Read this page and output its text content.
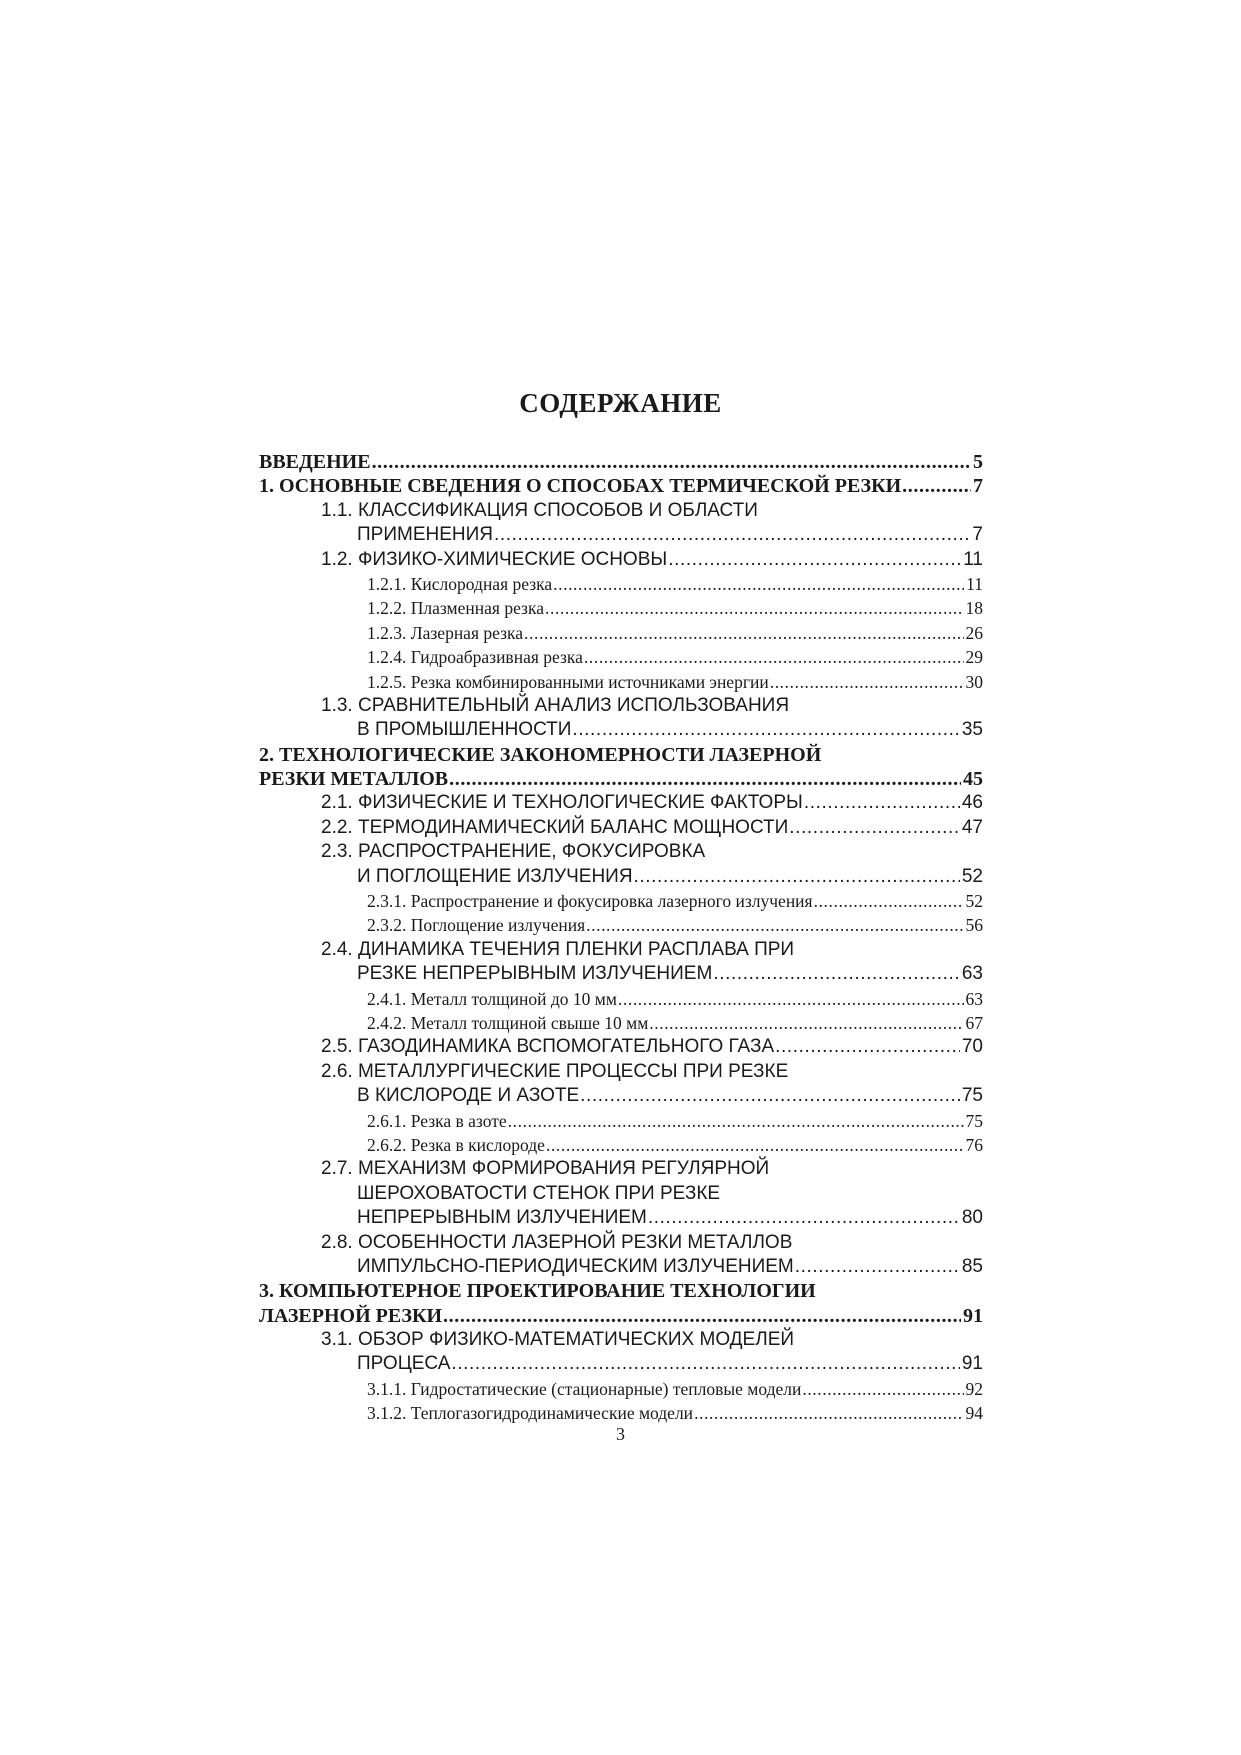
СОДЕРЖАНИЕ
ВВЕДЕНИЕ .....	5
1. ОСНОВНЫЕ СВЕДЕНИЯ О СПОСОБАХ ТЕРМИЧЕСКОЙ РЕЗКИ .....	7
1.1. КЛАССИФИКАЦИЯ СПОСОБОВ И ОБЛАСТИ
ПРИМЕНЕНИЯ .....	7
1.2. ФИЗИКО-ХИМИЧЕСКИЕ ОСНОВЫ .....	11
1.2.1. Кислородная резка .....	11
1.2.2. Плазменная резка .....	18
1.2.3. Лазерная резка .....	26
1.2.4. Гидроабразивная резка .....	29
1.2.5. Резка комбинированными источниками энергии .....	30
1.3. СРАВНИТЕЛЬНЫЙ АНАЛИЗ ИСПОЛЬЗОВАНИЯ
В ПРОМЫШЛЕННОСТИ .....	35
2. ТЕХНОЛОГИЧЕСКИЕ ЗАКОНОМЕРНОСТИ ЛАЗЕРНОЙ
РЕЗКИ МЕТАЛЛОВ .....	45
2.1. ФИЗИЧЕСКИЕ И ТЕХНОЛОГИЧЕСКИЕ ФАКТОРЫ .....	46
2.2. ТЕРМОДИНАМИЧЕСКИЙ БАЛАНС МОЩНОСТИ .....	47
2.3. РАСПРОСТРАНЕНИЕ, ФОКУСИРОВКА
И ПОГЛОЩЕНИЕ ИЗЛУЧЕНИЯ .....	52
2.3.1. Распространение и фокусировка лазерного излучения .....	52
2.3.2. Поглощение излучения .....	56
2.4. ДИНАМИКА ТЕЧЕНИЯ ПЛЕНКИ РАСПЛАВА ПРИ
РЕЗКЕ НЕПРЕРЫВНЫМ ИЗЛУЧЕНИЕМ .....	63
2.4.1. Металл толщиной до 10 мм .....	63
2.4.2. Металл толщиной свыше 10 мм .....	67
2.5. ГАЗОДИНАМИКА ВСПОМОГАТЕЛЬНОГО ГАЗА .....	70
2.6. МЕТАЛЛУРГИЧЕСКИЕ ПРОЦЕССЫ ПРИ РЕЗКЕ
В КИСЛОРОДЕ И АЗОТЕ .....	75
2.6.1. Резка в азоте .....	75
2.6.2. Резка в кислороде .....	76
2.7. МЕХАНИЗМ ФОРМИРОВАНИЯ РЕГУЛЯРНОЙ
ШЕРОХОВАТОСТИ СТЕНОК ПРИ РЕЗКЕ
НЕПРЕРЫВНЫМ ИЗЛУЧЕНИЕМ .....	80
2.8. ОСОБЕННОСТИ ЛАЗЕРНОЙ РЕЗКИ МЕТАЛЛОВ
ИМПУЛЬСНО-ПЕРИОДИЧЕСКИМ ИЗЛУЧЕНИЕМ .....	85
3. КОМПЬЮТЕРНОЕ ПРОЕКТИРОВАНИЕ ТЕХНОЛОГИИ
ЛАЗЕРНОЙ РЕЗКИ .....	91
3.1. ОБЗОР ФИЗИКО-МАТЕМАТИЧЕСКИХ МОДЕЛЕЙ
ПРОЦЕСА .....	91
3.1.1. Гидростатические (стационарные) тепловые модели .....	92
3.1.2. Теплогазогидродинамические модели .....	94
3
